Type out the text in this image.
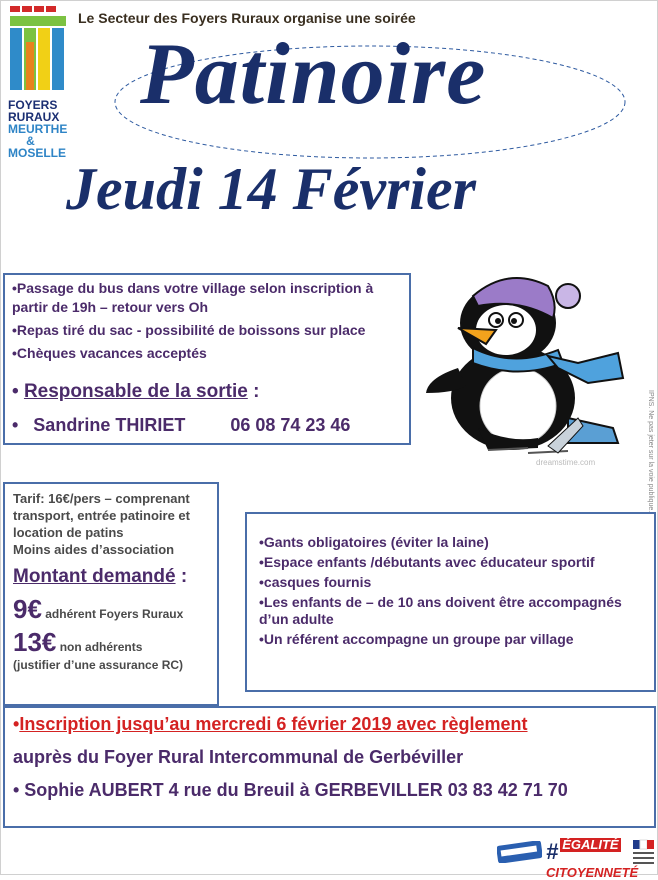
FOYERS
RURAUX
MEURTHE
&
MOSELLE
Le Secteur des Foyers Ruraux organise une soirée
Patinoire
Jeudi 14 Février
•Passage du bus dans votre village selon inscription à partir de 19h – retour vers Oh
•Repas tiré du sac - possibilité de boissons sur place
•Chèques vacances acceptés
• Responsable de la sortie :
•   Sandrine THIRIET         06 08 74 23 46
dreamstime.com	IPNS. Ne pas jeter sur la voie publique.
Tarif: 16€/pers – comprenant transport, entrée patinoire et location de patins
Moins aides d’association
Montant demandé :
9€ adhérent Foyers Ruraux
13€ non adhérents
(justifier d’une assurance RC)
•Gants obligatoires (éviter la laine)
•Espace enfants /débutants avec éducateur sportif
•casques fournis
•Les enfants de – de 10 ans doivent être accompagnés d’un adulte
•Un référent accompagne un groupe par village
•Inscription jusqu’au mercredi 6 février 2019 avec règlement
auprès du Foyer Rural Intercommunal de Gerbéviller
• Sophie AUBERT 4 rue du Breuil à GERBEVILLER 03 83 42 71 70
# ÉGALITÉ
CITOYENNETÉ
